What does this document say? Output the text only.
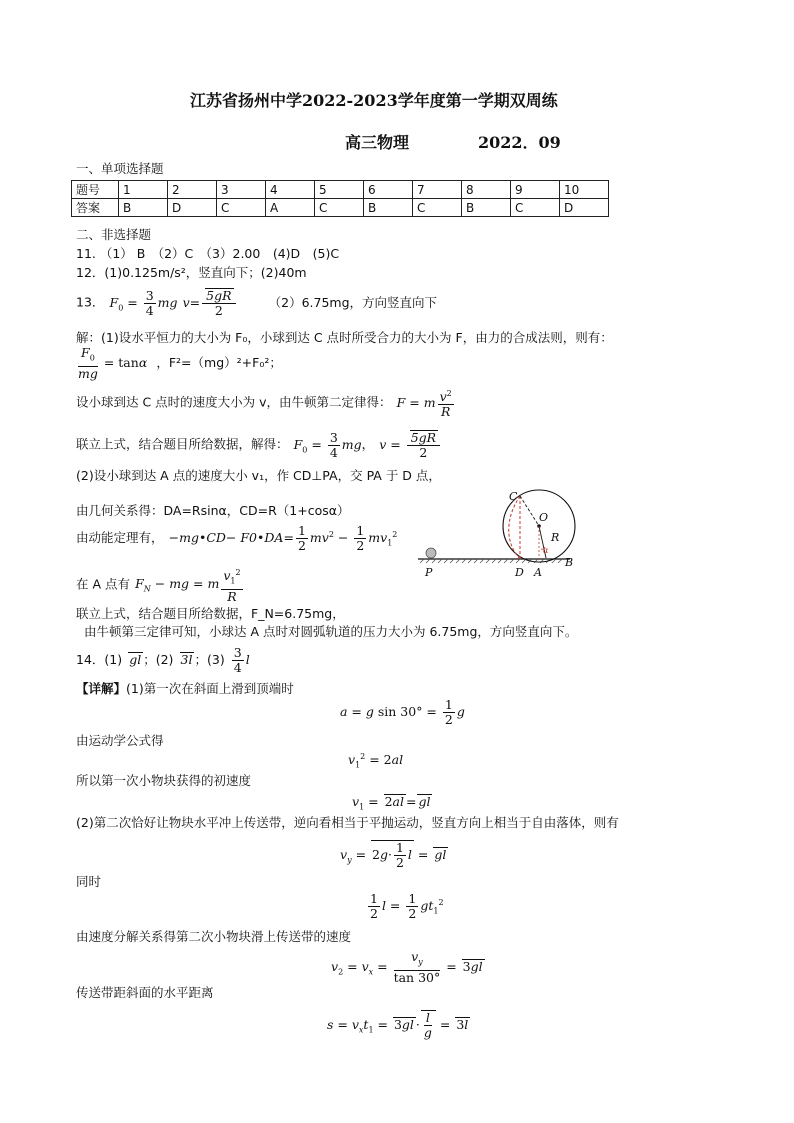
江苏省扬州中学2022-2023学年度第一学期双周练
高三物理	2022．09
一、单项选择题
题号	1	2	3	4	5	6	7	8	9	10
答案	B	D	C	A	C	B	C	B	C	D
二、非选择题
11. （1） B　（2）C　（3）2.00　(4)D　(5)C
12．(1)0.125m/s²，竖直向下；(2)40m
13． $F_0 = \frac{3}{4}$ mg $v= \frac{5gR}{2}$	（2）6.75mg，方向竖直向下
解：(1)设水平恒力的大小为 F₀，小球到达 C 点时所受合力的大小为 F，由力的合成法则，则有：
$\frac{F_0}{mg} = \tan\alpha$ ，F²=（mg）²+F₀²；
设小球到达 C 点时的速度大小为 v，由牛顿第二定律得： F = m $\frac{v^2}{R}$
联立上式，结合题目所给数据，解得： $F_0 = \frac{3}{4}$ mg， $v = \frac{5gR}{2}$
(2)设小球到达 A 点的速度大小 v₁，作 CD⊥PA，交 PA 于 D 点，
由几何关系得：DA=Rsinα，CD=R（1+cosα）
由动能定理有， −mg•CD− F0•DA= $\frac{1}{2} mv^2 - \frac{1}{2} mv_1^2$
在 A 点有 $F_N$ − mg = m $\frac{v_1^2}{R}$
联立上式，结合题目所给数据，F_N=6.75mg，
由牛顿第三定律可知，小球达 A 点时对圆弧轨道的压力大小为 6.75mg，方向竖直向下。
C
O
R
α
P	D A
B
14．(1) gl ；(2) 3l ；$(3) \frac{3}{4}$ l
【详解】(1)第一次在斜面上滑到顶端时
a = g $\sin 30^\circ = \frac{1}{2}$ g
由运动学公式得
$v_1^2 = 2al$
所以第一次小物块获得的初速度
$v_1 = 2al$ = gl
(2)第二次恰好让物块水平冲上传送带，逆向看相当于平抛运动，竖直方向上相当于自由落体，则有
$v_y = 2g\cdot \frac{1}{2}$ l = gl
同时
$\frac{1}{2}$ $l = \frac{1}{2} gt_1^2$
由速度分解关系得第二次小物块滑上传送带的速度
$v_2 = v_x = \frac{v_y}{\tan 30^\circ} = 3gl$
传送带距斜面的水平距离
$s = v_xt_1 = 3gl \cdot \frac{l}{g} = 3l$
